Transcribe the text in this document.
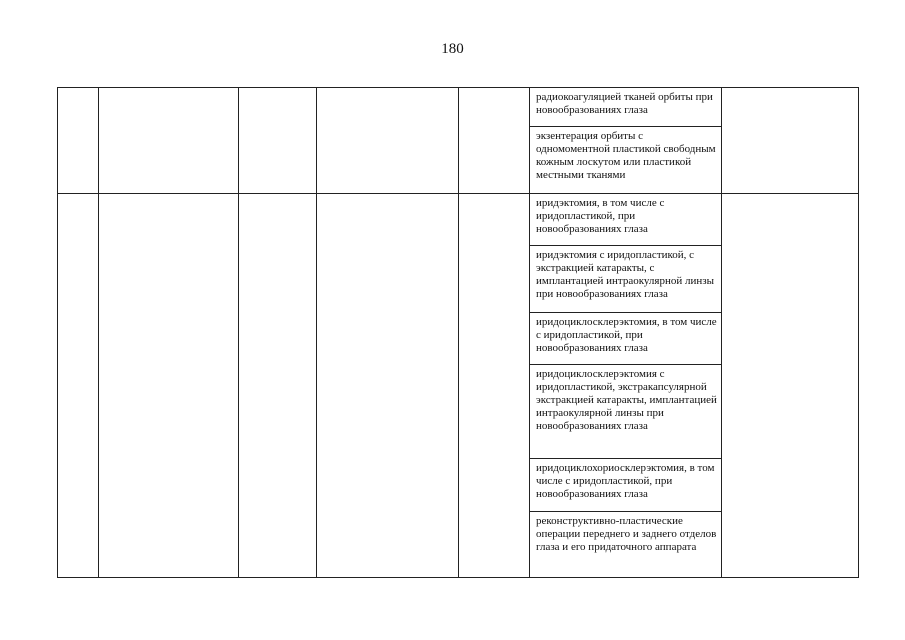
180
					радиокоагуляцией тканей орбиты при новообразованиях глаза	
					экзентерация орбиты с одномоментной пластикой свободным кожным лоскутом или пластикой местными тканями	
					иридэктомия, в том числе с иридопластикой, при новообразованиях глаза	
					иридэктомия с иридопластикой, с экстракцией катаракты, с имплантацией интраокулярной линзы при новообразованиях глаза	
					иридоциклосклерэктомия, в том числе с иридопластикой, при новообразованиях глаза	
					иридоциклосклерэктомия с иридопластикой, экстракапсулярной экстракцией катаракты, имплантацией интраокулярной линзы при новообразованиях глаза	
					иридоциклохориосклерэктомия, в том числе с иридопластикой, при новообразованиях глаза	
					реконструктивно-пластические операции переднего и заднего отделов глаза и его придаточного аппарата	
